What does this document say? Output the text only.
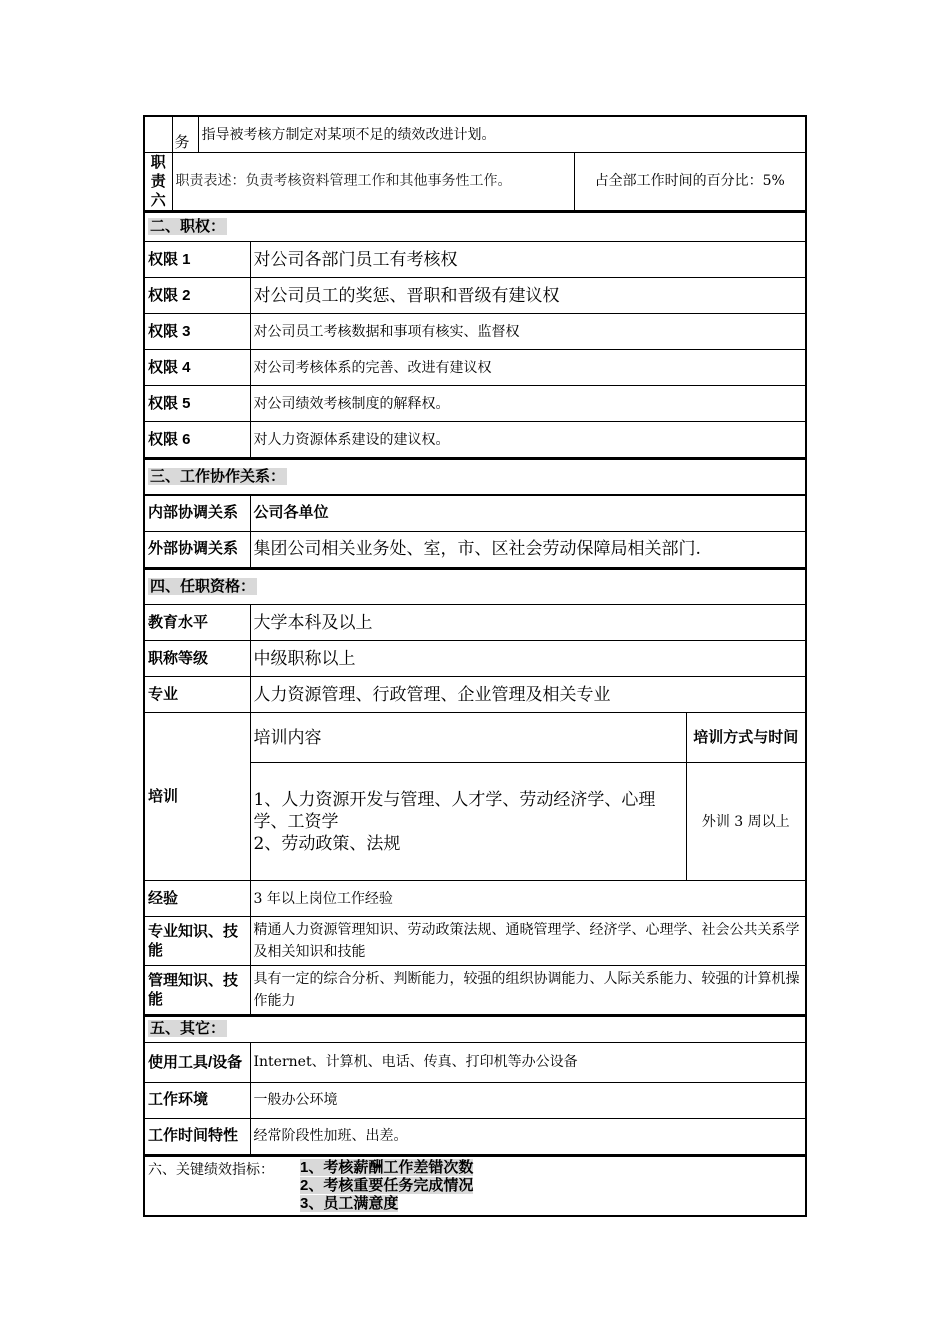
	务	指导被考核方制定对某项不足的绩效改进计划。	
职责六	职责表述：负责考核资料管理工作和其他事务性工作。		占全部工作时间的百分比：5%
二、职权：	
权限 1	对公司各部门员工有考核权
权限 2	对公司员工的奖惩、晋职和晋级有建议权
权限 3	对公司员工考核数据和事项有核实、监督权
权限 4	对公司考核体系的完善、改进有建议权
权限 5	对公司绩效考核制度的解释权。
权限 6	对人力资源体系建设的建议权。
三、工作协作关系：	
内部协调关系	公司各单位
外部协调关系	集团公司相关业务处、室，市、区社会劳动保障局相关部门.
四、任职资格：		
教育水平	大学本科及以上	
职称等级	中级职称以上	
专业	人力资源管理、行政管理、企业管理及相关专业	
培训	培训内容	培训方式与时间

	1、人力资源开发与管理、人才学、劳动经济学、心理学、工资学
2、劳动政策、法规	外训 3 周以上
经验	3 年以上岗位工作经验	
专业知识、技能	精通人力资源管理知识、劳动政策法规、通晓管理学、经济学、心理学、社会公共关系学及相关知识和技能	
管理知识、技能	具有一定的综合分析、判断能力，较强的组织协调能力、人际关系能力、较强的计算机操作能力	
五、其它：	
使用工具/设备	Internet、计算机、电话、传真、打印机等办公设备
工作环境	一般办公环境
工作时间特性	经常阶段性加班、出差。
六、关键绩效指标： 1、考核薪酬工作差错次数
2、考核重要任务完成情况
3、员工满意度
